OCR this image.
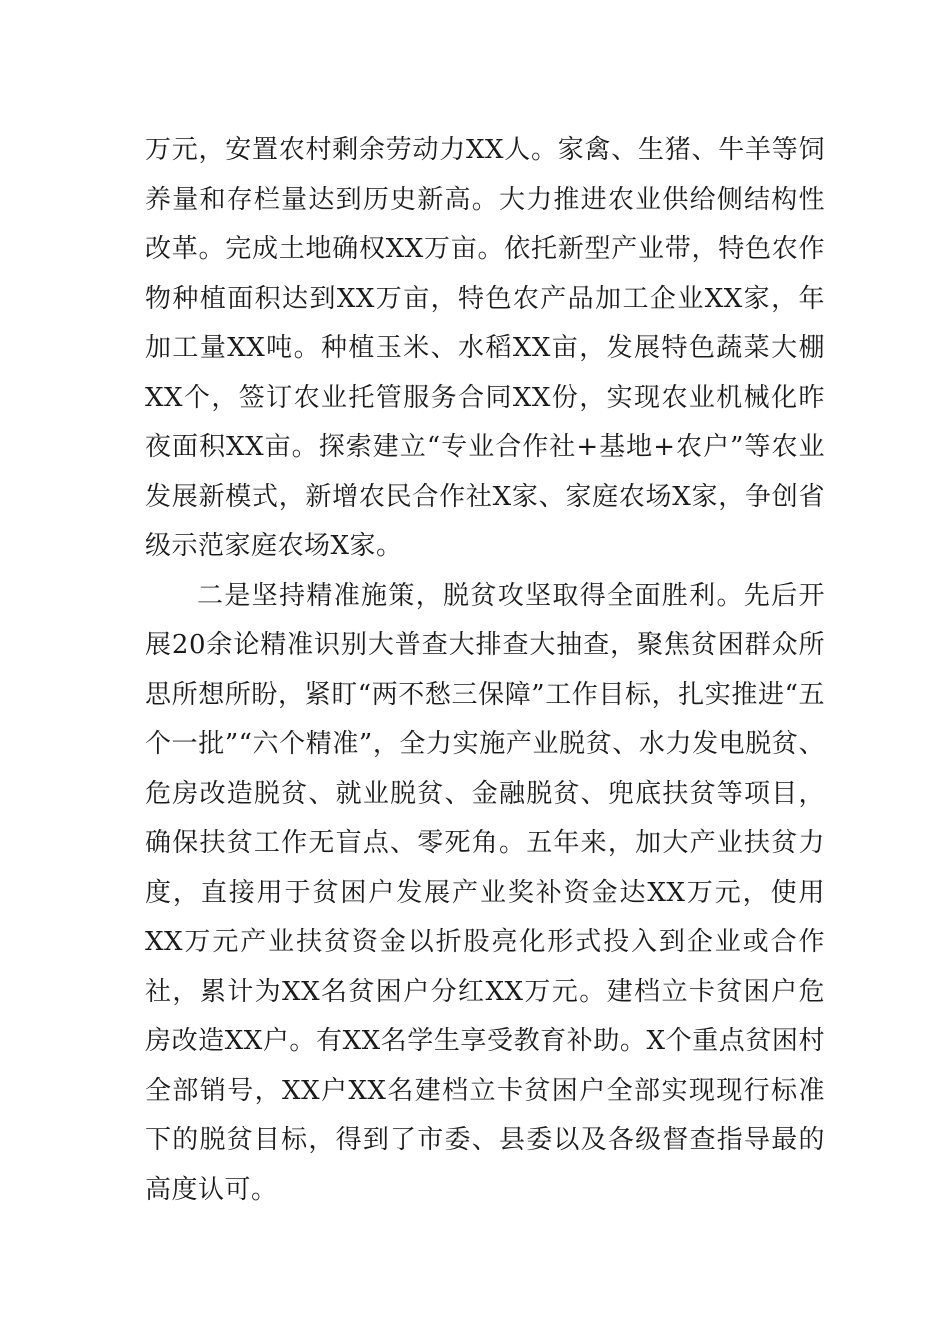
万元，安置农村剩余劳动力XX人。家禽、生猪、牛羊等饲养量和存栏量达到历史新高。大力推进农业供给侧结构性改革。完成土地确权XX万亩。依托新型产业带，特色农作物种植面积达到XX万亩，特色农产品加工企业XX家，年加工量XX吨。种植玉米、水稻XX亩，发展特色蔬菜大棚XX个，签订农业托管服务合同XX份，实现农业机械化昨夜面积XX亩。探索建立“专业合作社+基地+农户”等农业发展新模式，新增农民合作社X家、家庭农场X家，争创省级示范家庭农场X家。

二是坚持精准施策，脱贫攻坚取得全面胜利。先后开展20余论精准识别大普查大排查大抽查，聚焦贫困群众所思所想所盼，紧盯“两不愁三保障”工作目标，扎实推进“五个一批”“六个精准”，全力实施产业脱贫、水力发电脱贫、危房改造脱贫、就业脱贫、金融脱贫、兜底扶贫等项目，确保扶贫工作无盲点、零死角。五年来，加大产业扶贫力度，直接用于贫困户发展产业奖补资金达XX万元，使用XX万元产业扶贫资金以折股亮化形式投入到企业或合作社，累计为XX名贫困户分红XX万元。建档立卡贫困户危房改造XX户。有XX名学生享受教育补助。X个重点贫困村全部销号，XX户XX名建档立卡贫困户全部实现现行标准下的脱贫目标，得到了市委、县委以及各级督查指导最的高度认可。
